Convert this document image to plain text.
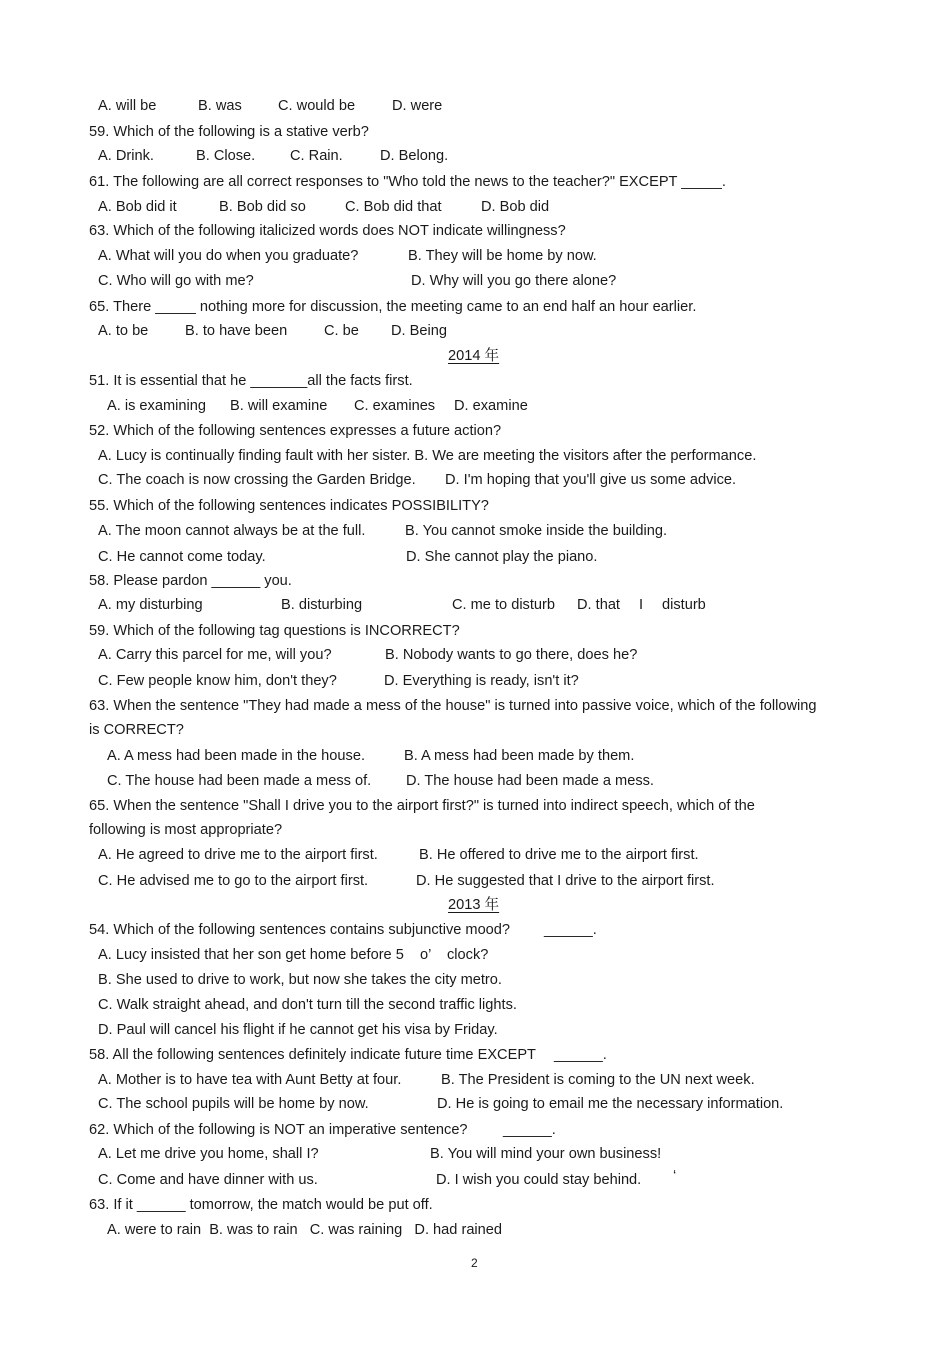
A. will be	B. was C. would be	D. were
59. Which of the following is a stative verb?
A. Drink.	B. Close. C. Rain.	D. Belong.
61. The following are all correct responses to "Who told the news to the teacher?" EXCEPT _____.
A. Bob did it	B. Bob did so	C. Bob did that	D. Bob did
63. Which of the following italicized words does NOT indicate willingness?
A. What will you do when you graduate?	B. They will be home by now.
C. Who will go with me?	D. Why will you go there alone?
65. There _____ nothing more for discussion, the meeting came to an end half an hour earlier.
A. to be	B. to have been	C. be D. Being
2014 年
51. It is essential that he _______all the facts first.
A. is examining B. will examine C. examines D. examine
52. Which of the following sentences expresses a future action?
A. Lucy is continually finding fault with her sister. B. We are meeting the visitors after the performance.
C. The coach is now crossing the Garden Bridge. D. I'm hoping that you'll give us some advice.
55. Which of the following sentences indicates POSSIBILITY?
A. The moon cannot always be at the full.	B. You cannot smoke inside the building.
C. He cannot come today.	D. She cannot play the piano.
58. Please pardon ______ you.
A. my disturbing	B. disturbing	C. me to disturb D. that I disturb
59. Which of the following tag questions is INCORRECT?
A. Carry this parcel for me, will you?	B. Nobody wants to go there, does he?
C. Few people know him, don't they?	D. Everything is ready, isn't it?
63. When the sentence "They had made a mess of the house" is turned into passive voice, which of the following
is CORRECT?
A. A mess had been made in the house.	B. A mess had been made by them.
C. The house had been made a mess of. D. The house had been made a mess.
65. When the sentence "Shall I drive you to the airport first?" is turned into indirect speech, which of the
following is most appropriate?
A. He agreed to drive me to the airport first.	B. He offered to drive me to the airport first.
C. He advised me to go to the airport first.	D. He suggested that I drive to the airport first.
2013 年
54. Which of the following sentences contains subjunctive mood? ______.
A. Lucy insisted that her son get home before 5 o’ clock?
B. She used to drive to work, but now she takes the city metro.
C. Walk straight ahead, and don't turn till the second traffic lights.
D. Paul will cancel his flight if he cannot get his visa by Friday.
58. All the following sentences definitely indicate future time EXCEPT ______.
A. Mother is to have tea with Aunt Betty at four.	B. The President is coming to the UN next week.
C. The school pupils will be home by now.	D. He is going to email me the necessary information.
62. Which of the following is NOT an imperative sentence? ______.
A. Let me drive you home, shall I?	B. You will mind your own business!
C. Come and have dinner with us.	D. I wish you could stay behind. ‘
63. If it ______ tomorrow, the match would be put off.
A. were to rain  B. was to rain   C. was raining   D. had rained
2
